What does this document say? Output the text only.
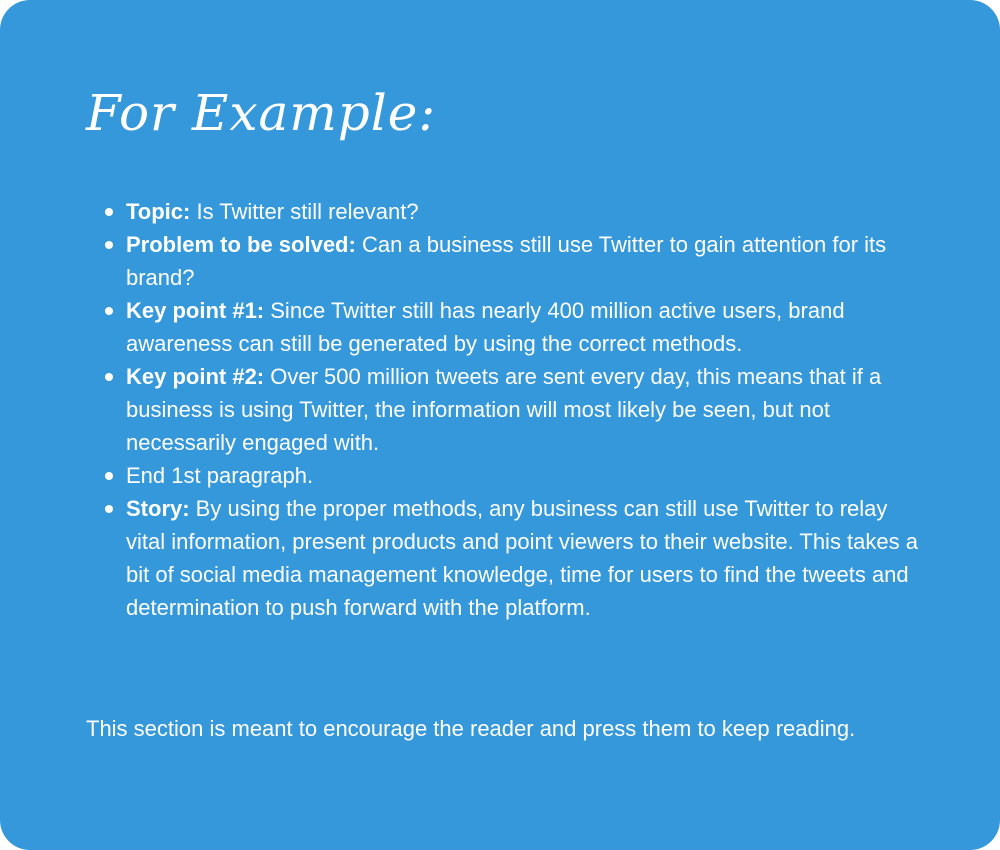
For Example:
Topic: Is Twitter still relevant?
Problem to be solved: Can a business still use Twitter to gain attention for its brand?
Key point #1: Since Twitter still has nearly 400 million active users, brand awareness can still be generated by using the correct methods.
Key point #2: Over 500 million tweets are sent every day, this means that if a business is using Twitter, the information will most likely be seen, but not necessarily engaged with.
End 1st paragraph.
Story: By using the proper methods, any business can still use Twitter to relay vital information, present products and point viewers to their website. This takes a bit of social media management knowledge, time for users to find the tweets and determination to push forward with the platform.

This section is meant to encourage the reader and press them to keep reading.
